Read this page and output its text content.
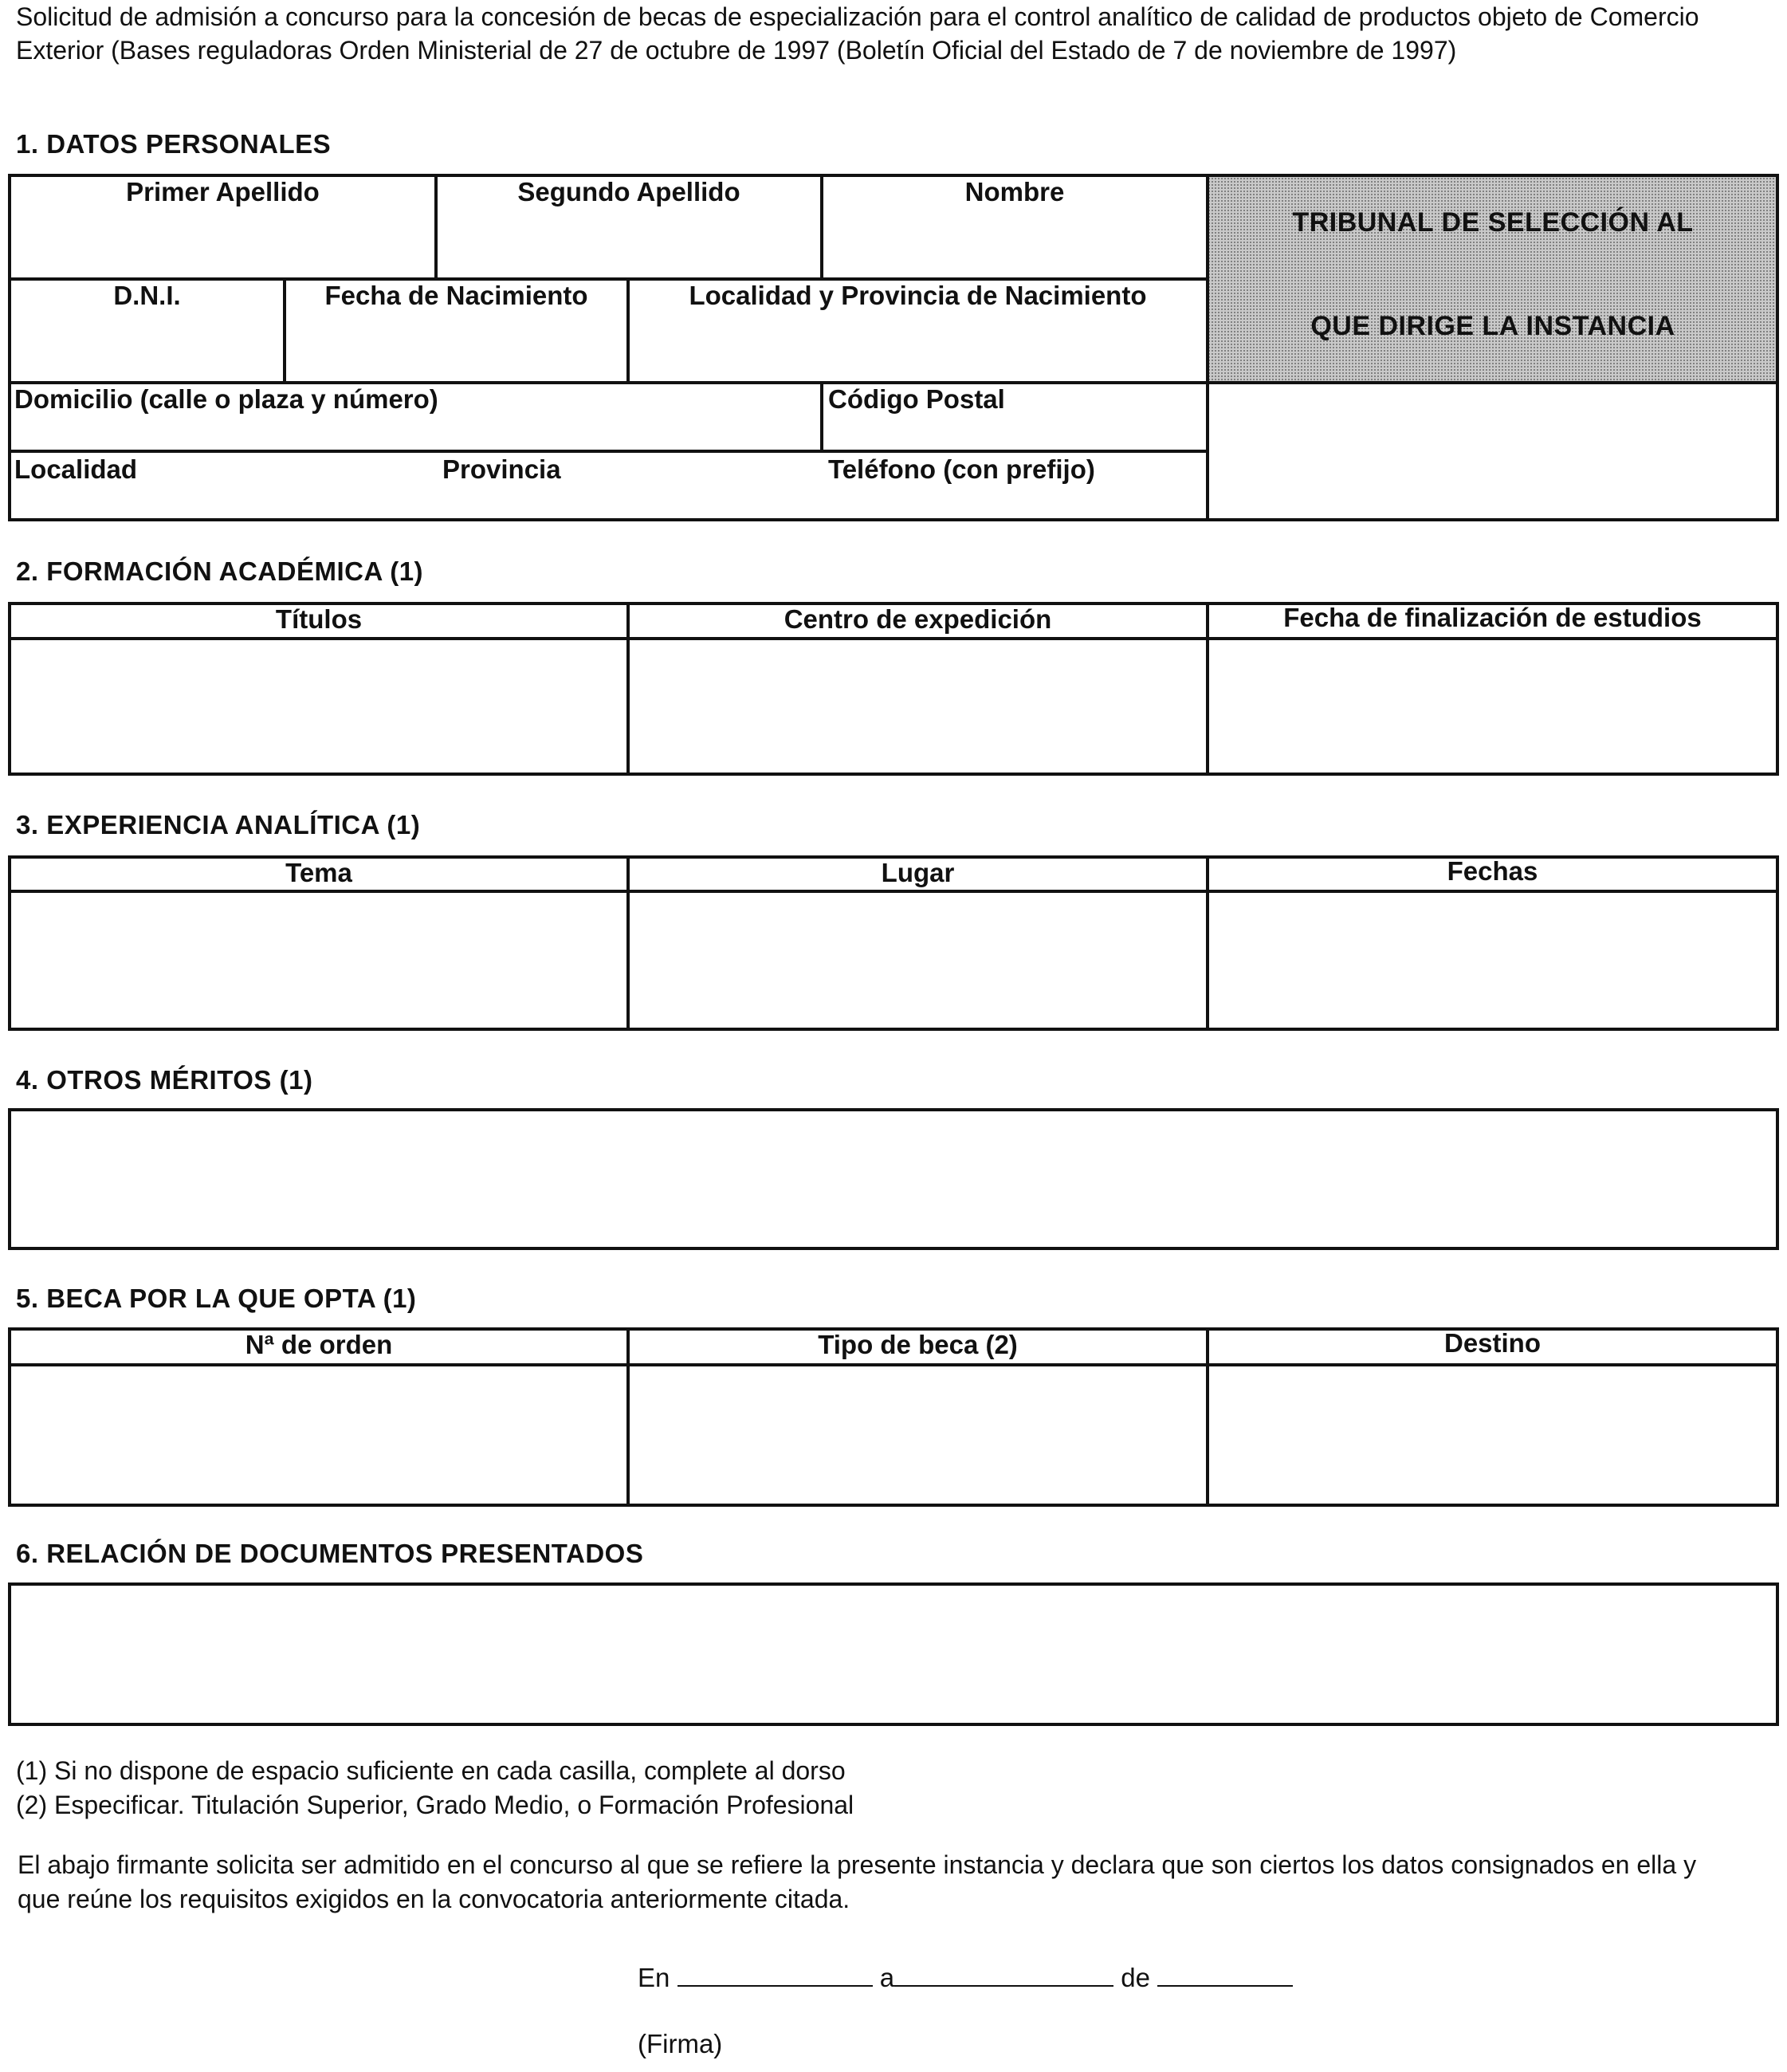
Solicitud de admisión a concurso para la concesión de becas de especialización para el control analítico de calidad de productos objeto de Comercio Exterior (Bases reguladoras Orden Ministerial de 27 de octubre de 1997 (Boletín Oficial del Estado de 7 de noviembre de 1997)
1. DATOS PERSONALES
Primer Apellido	Segundo Apellido	Nombre
D.N.I.	Fecha de Nacimiento	Localidad y Provincia de Nacimiento
Domicilio (calle o plaza y número)	Código Postal
Localidad	Provincia	Teléfono (con prefijo)
TRIBUNAL DE SELECCIÓN AL
QUE DIRIGE LA INSTANCIA
2. FORMACIÓN ACADÉMICA (1)
Títulos	Centro de expedición	Fecha de finalización de estudios
3. EXPERIENCIA ANALÍTICA (1)
Tema	Lugar	Fechas
4. OTROS MÉRITOS (1)
5. BECA POR LA QUE OPTA (1)
Nª de orden	Tipo de beca (2)	Destino
6. RELACIÓN DE DOCUMENTOS PRESENTADOS
(1) Si no dispone de espacio suficiente en cada casilla, complete al dorso
(2) Especificar. Titulación Superior, Grado Medio, o Formación Profesional
El abajo firmante solicita ser admitido en el concurso al que se refiere la presente instancia y declara que son ciertos los datos consignados en ella y que reúne los requisitos exigidos en la convocatoria anteriormente citada.
En	a	de
(Firma)
